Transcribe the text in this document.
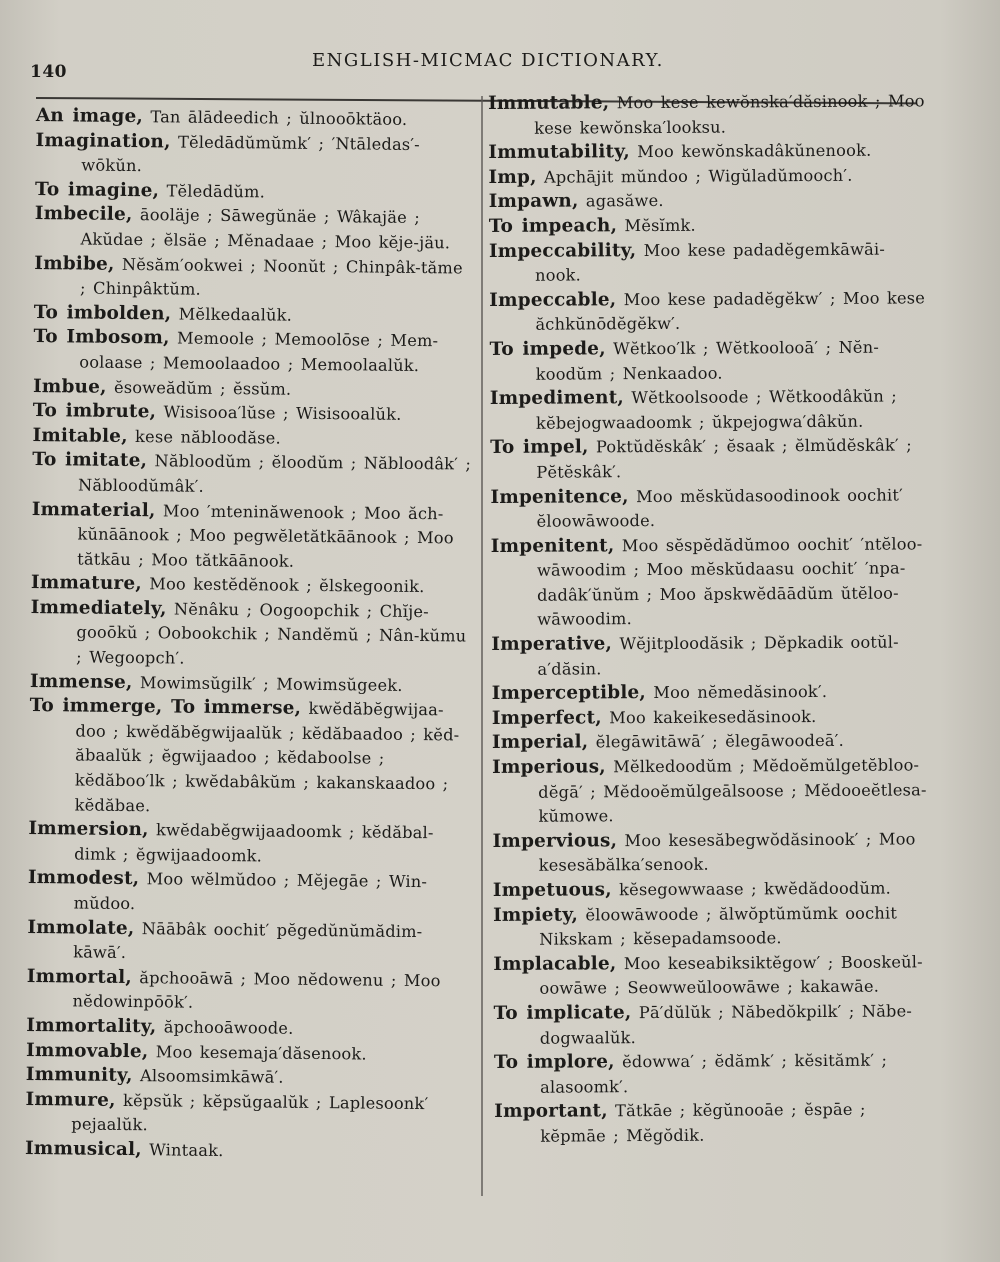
140
ENGLISH-MICMAC DICTIONARY.
An image, Tan ālādeedich ; ŭlnooōktäoo.
Imagination, Tĕledādŭmŭmk′ ; ′Ntāledas′-wōkŭn.
To imagine, Tĕledādŭm.
Imbecile, āooläje ; Sāwegŭnäe ; Wâkajäe ; Akŭdae ; ĕlsäe ; Mĕnadaae ; Moo kĕje-jäu.
Imbibe, Nĕsăm′ookwei ; Noonŭt ; Chinpâk-tăme ; Chinpâktŭm.
To imbolden, Mĕlkedaalŭk.
To Imbosom, Memoole ; Memoolōse ; Mem-oolaase ; Memoolaadoo ; Memoolaalŭk.
Imbue, ĕsoweădŭm ; ĕssŭm.
To imbrute, Wisisooa′lŭse ; Wisisooalŭk.
Imitable, kese năbloodăse.
To imitate, Năbloodŭm ; ĕloodŭm ; Năbloodâk′ ; Năbloodŭmâk′.
Immaterial, Moo ′mteninăwenook ; Moo ăch-kŭnāānook ; Moo pegwĕletătkāānook ; Moo tătkāu ; Moo tătkāānook.
Immature, Moo kestĕdĕnook ; ĕlskegoonik.
Immediately, Nĕnâku ; Oogoopchik ; Chĭje-gooōkŭ ; Oobookchik ; Nandĕmŭ ; Nân-kŭmu ; Wegoopch′.
Immense, Mowimsŭgilk′ ; Mowimsŭgeek.
To immerge, To immerse, kwĕdăbĕgwijaa-doo ; kwĕdăbĕgwijaalŭk ; kĕdăbaadoo ; kĕd-ăbaalŭk ; ĕgwijaadoo ; kĕdaboolse ; kĕdăboo′lk ; kwĕdabâkŭm ; kakanskaadoo ; kĕdăbae.
Immersion, kwĕdabĕgwijaadoomk ; kĕdăbal-dimk ; ĕgwijaadoomk.
Immodest, Moo wĕlmŭdoo ; Mĕjegāe ; Win-mŭdoo.
Immolate, Nāābâk oochit′ pĕgedŭnŭmădim-kāwā′.
Immortal, ăpchooāwā ; Moo nĕdowenu ; Moo nĕdowinpōōk′.
Immortality, ăpchooāwoode.
Immovable, Moo kesemaja′dăsenook.
Immunity, Alsoomsimkāwā′.
Immure, kĕpsŭk ; kĕpsŭgaalŭk ; Laplesoonk′ pejaalŭk.
Immusical, Wintaak.
Immutable, Moo kese kewŏnska′dăsinook ; Moo kese kewŏnska′looksu.
Immutability, Moo kewŏnskadâkŭnenook.
Imp, Apchājit mŭndoo ; Wigŭladŭmooch′.
Impawn, agasăwe.
To impeach, Mĕsĭmk.
Impeccability, Moo kese padadĕgemkāwāi-nook.
Impeccable, Moo kese padadĕgĕkw′ ; Moo kese ăchkŭnōdĕgĕkw′.
To impede, Wĕtkoo′lk ; Wĕtkoolooā′ ; Nĕn-koodŭm ; Nenkaadoo.
Impediment, Wĕtkoolsoode ; Wĕtkoodâkŭn ; kĕbejogwaadoomk ; ŭkpejogwa′dâkŭn.
To impel, Poktŭdĕskâk′ ; ĕsaak ; ĕlmŭdĕskâk′ ; Pĕtĕskâk′.
Impenitence, Moo mĕskŭdasoodinook oochit′ ĕloowāwoode.
Impenitent, Moo sĕspĕdădŭmoo oochit′ ′ntĕloo-wāwoodim ; Moo mĕskŭdaasu oochit′ ′npa-dadâk′ŭnŭm ; Moo ăpskwĕdāādŭm ŭtĕloo-wāwoodim.
Imperative, Wĕjitploodăsik ; Dĕpkadik ootŭl-a′dăsin.
Imperceptible, Moo nĕmedăsinook′.
Imperfect, Moo kakeikesedăsinook.
Imperial, ĕlegāwitāwā′ ; ĕlegāwoodeā′.
Imperious, Mĕlkedoodŭm ; Mĕdoĕmŭlgetĕbloo-dĕgā′ ; Mĕdooĕmŭlgeālsoose ; Mĕdooeĕtlesa-kŭmowe.
Impervious, Moo kesesăbegwŏdăsinook′ ; Moo kesesăbălka′senook.
Impetuous, kĕsegowwaase ; kwĕdădoodŭm.
Impiety, ĕloowāwoode ; ălwŏptŭmŭmk oochit Nikskam ; kĕsepadamsoode.
Implacable, Moo keseabiksiktĕgow′ ; Booskeŭl-oowāwe ; Seowweŭloowāwe ; kakawāe.
To implicate, Pā′dŭlŭk ; Năbedŏkpilk′ ; Năbe-dogwaalŭk.
To implore, ĕdowwa′ ; ĕdămk′ ; kĕsitămk′ ; alasoomk′.
Important, Tătkāe ; kĕgŭnooāe ; ĕspāe ; kĕpmāe ; Mĕgŏdik.
